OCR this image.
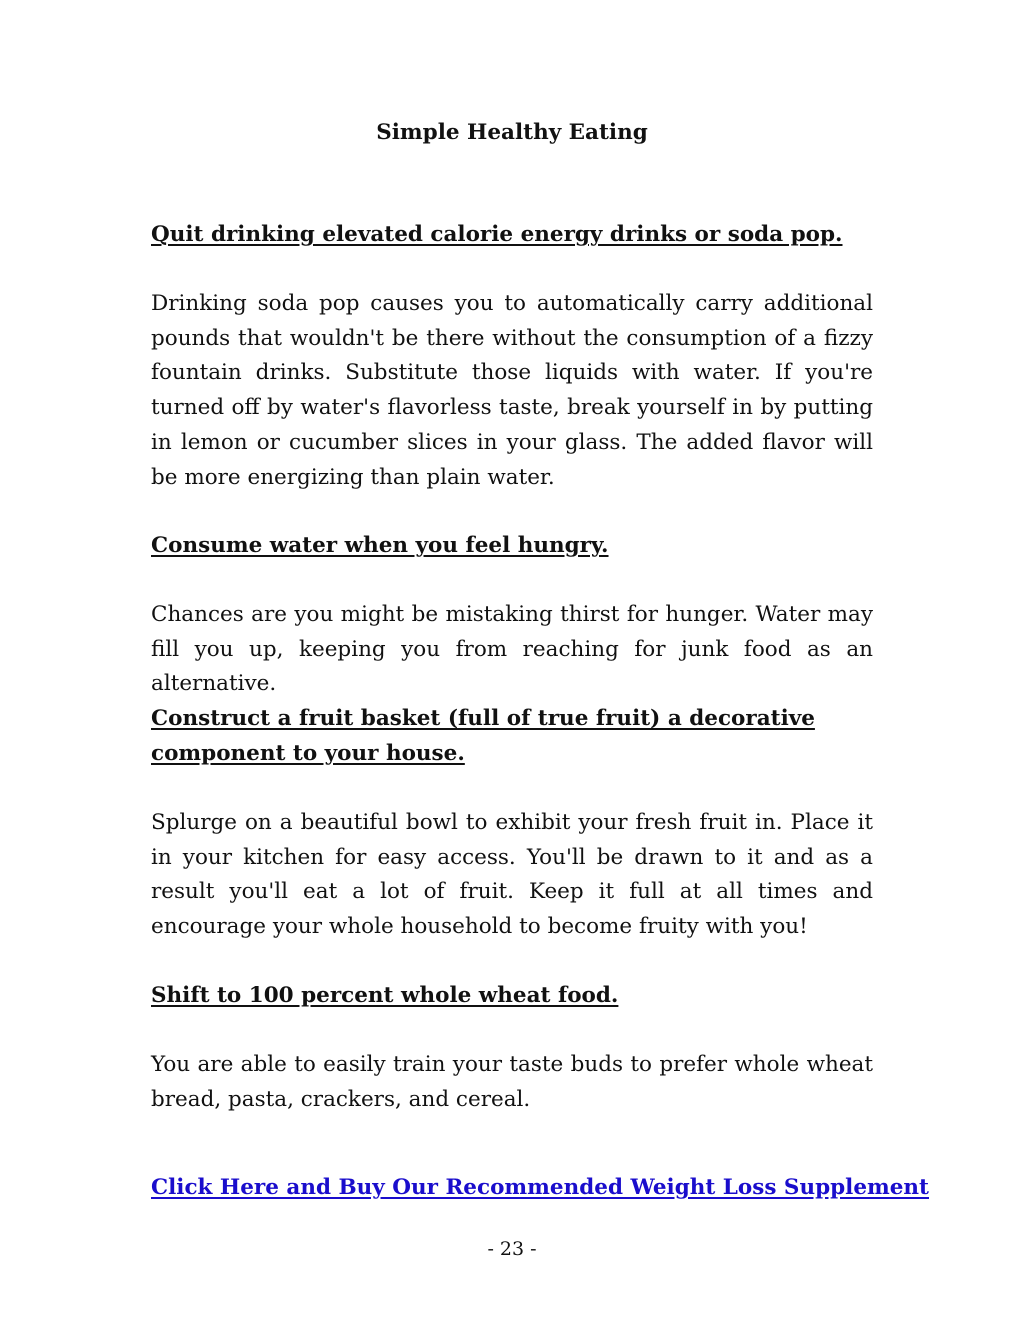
Simple Healthy Eating
Quit drinking elevated calorie energy drinks or soda pop.

Drinking soda pop causes you to automatically carry additional pounds that wouldn't be there without the consumption of a fizzy fountain drinks. Substitute those liquids with water. If you're turned off by water's flavorless taste, break yourself in by putting in lemon or cucumber slices in your glass. The added flavor will be more energizing than plain water.

Consume water when you feel hungry.

Chances are you might be mistaking thirst for hunger. Water may fill you up, keeping you from reaching for junk food as an alternative.

Construct a fruit basket (full of true fruit) a decorative component to your house.

Splurge on a beautiful bowl to exhibit your fresh fruit in. Place it in your kitchen for easy access. You'll be drawn to it and as a result you'll eat a lot of fruit. Keep it full at all times and encourage your whole household to become fruity with you!

Shift to 100 percent whole wheat food.

You are able to easily train your taste buds to prefer whole wheat bread, pasta, crackers, and cereal.

Click Here and Buy Our Recommended Weight Loss Supplement
- 23 -
